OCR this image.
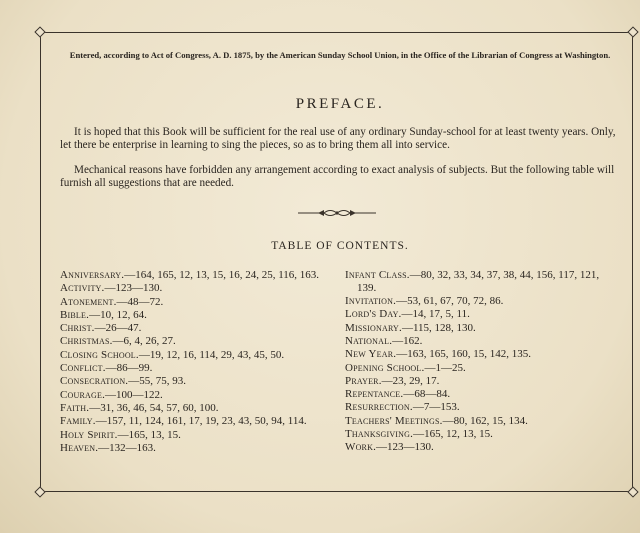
Entered, according to Act of Congress, A. D. 1875, by the American Sunday School Union, in the Office of the Librarian of Congress at Washington.
PREFACE.
It is hoped that this Book will be sufficient for the real use of any ordinary Sunday-school for at least twenty years. Only, let there be enterprise in learning to sing the pieces, so as to bring them all into service.
Mechanical reasons have forbidden any arrangement according to exact analysis of subjects. But the following table will furnish all suggestions that are needed.
TABLE OF CONTENTS.
Anniversary.—164, 165, 12, 13, 15, 16, 24, 25, 116, 163.
Activity.—123—130.
Atonement.—48—72.
Bible.—10, 12, 64.
Christ.—26—47.
Christmas.—6, 4, 26, 27.
Closing School.—19, 12, 16, 114, 29, 43, 45, 50.
Conflict.—86—99.
Consecration.—55, 75, 93.
Courage.—100—122.
Faith.—31, 36, 46, 54, 57, 60, 100.
Family.—157, 11, 124, 161, 17, 19, 23, 43, 50, 94, 114.
Holy Spirit.—165, 13, 15.
Heaven.—132—163.
Infant Class.—80, 32, 33, 34, 37, 38, 44, 156, 117, 121, 139.
Invitation.—53, 61, 67, 70, 72, 86.
Lord's Day.—14, 17, 5, 11.
Missionary.—115, 128, 130.
National.—162.
New Year.—163, 165, 160, 15, 142, 135.
Opening School.—1—25.
Prayer.—23, 29, 17.
Repentance.—68—84.
Resurrection.—7—153.
Teachers' Meetings.—80, 162, 15, 134.
Thanksgiving.—165, 12, 13, 15.
Work.—123—130.
